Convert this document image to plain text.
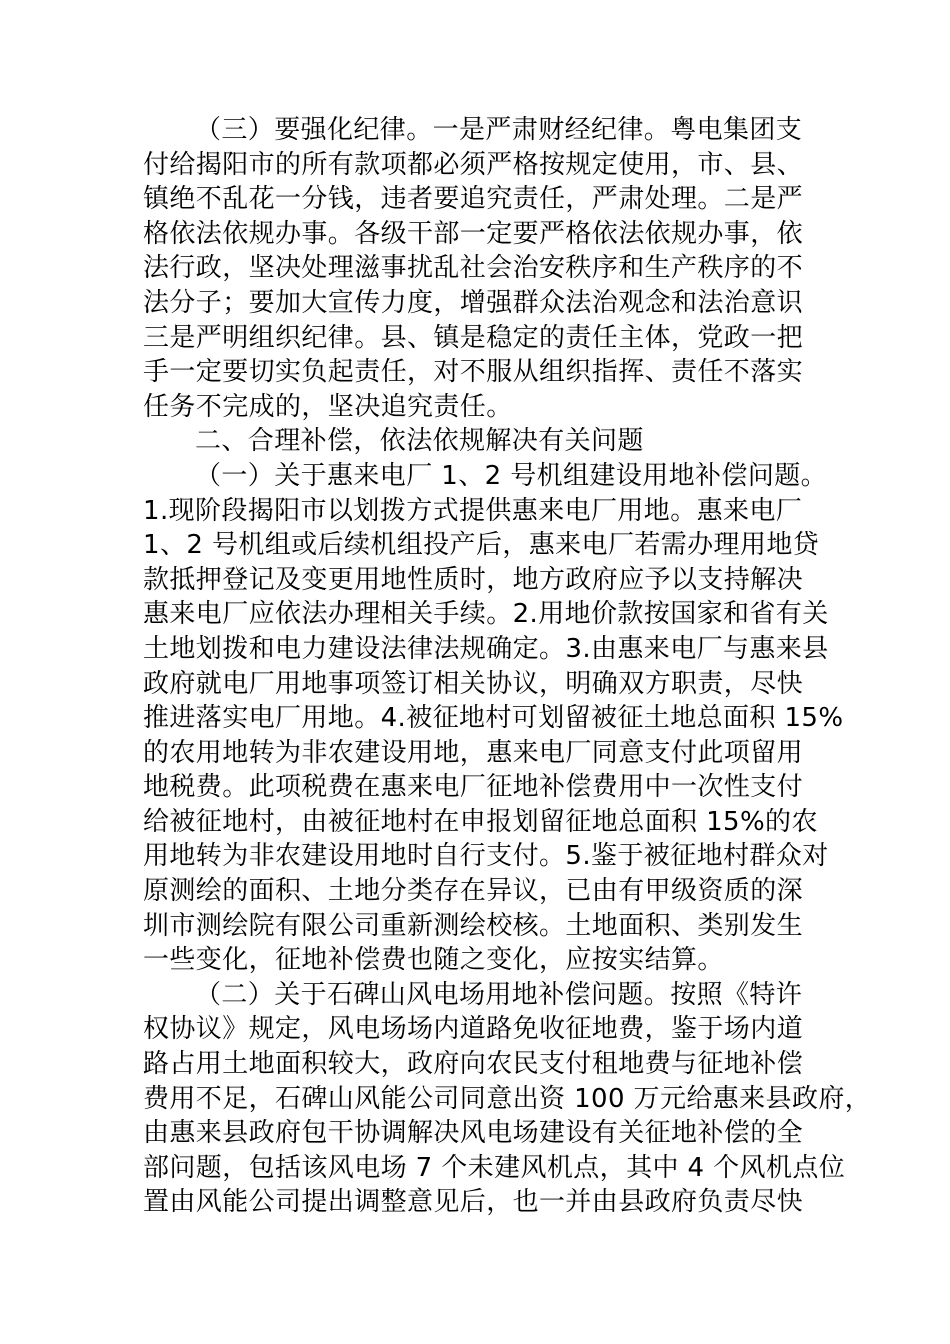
（三）要强化纪律。一是严肃财经纪律。粤电集团支
付给揭阳市的所有款项都必须严格按规定使用，市、县、
镇绝不乱花一分钱，违者要追究责任，严肃处理。二是严
格依法依规办事。各级干部一定要严格依法依规办事，依
法行政，坚决处理滋事扰乱社会治安秩序和生产秩序的不
法分子；要加大宣传力度，增强群众法治观念和法治意识
三是严明组织纪律。县、镇是稳定的责任主体，党政一把
手一定要切实负起责任，对不服从组织指挥、责任不落实
任务不完成的，坚决追究责任。
二、合理补偿，依法依规解决有关问题
（一）关于惠来电厂 1、2 号机组建设用地补偿问题。
1.现阶段揭阳市以划拨方式提供惠来电厂用地。惠来电厂
1、2 号机组或后续机组投产后，惠来电厂若需办理用地贷
款抵押登记及变更用地性质时，地方政府应予以支持解决
惠来电厂应依法办理相关手续。2.用地价款按国家和省有关
土地划拨和电力建设法律法规确定。3.由惠来电厂与惠来县
政府就电厂用地事项签订相关协议，明确双方职责，尽快
推进落实电厂用地。4.被征地村可划留被征土地总面积 15%
的农用地转为非农建设用地，惠来电厂同意支付此项留用
地税费。此项税费在惠来电厂征地补偿费用中一次性支付
给被征地村，由被征地村在申报划留征地总面积 15%的农
用地转为非农建设用地时自行支付。5.鉴于被征地村群众对
原测绘的面积、土地分类存在异议，已由有甲级资质的深
圳市测绘院有限公司重新测绘校核。土地面积、类别发生
一些变化，征地补偿费也随之变化，应按实结算。
（二）关于石碑山风电场用地补偿问题。按照《特许
权协议》规定，风电场场内道路免收征地费，鉴于场内道
路占用土地面积较大，政府向农民支付租地费与征地补偿
费用不足，石碑山风能公司同意出资 100 万元给惠来县政府，
由惠来县政府包干协调解决风电场建设有关征地补偿的全
部问题，包括该风电场 7 个未建风机点，其中 4 个风机点位
置由风能公司提出调整意见后，也一并由县政府负责尽快
